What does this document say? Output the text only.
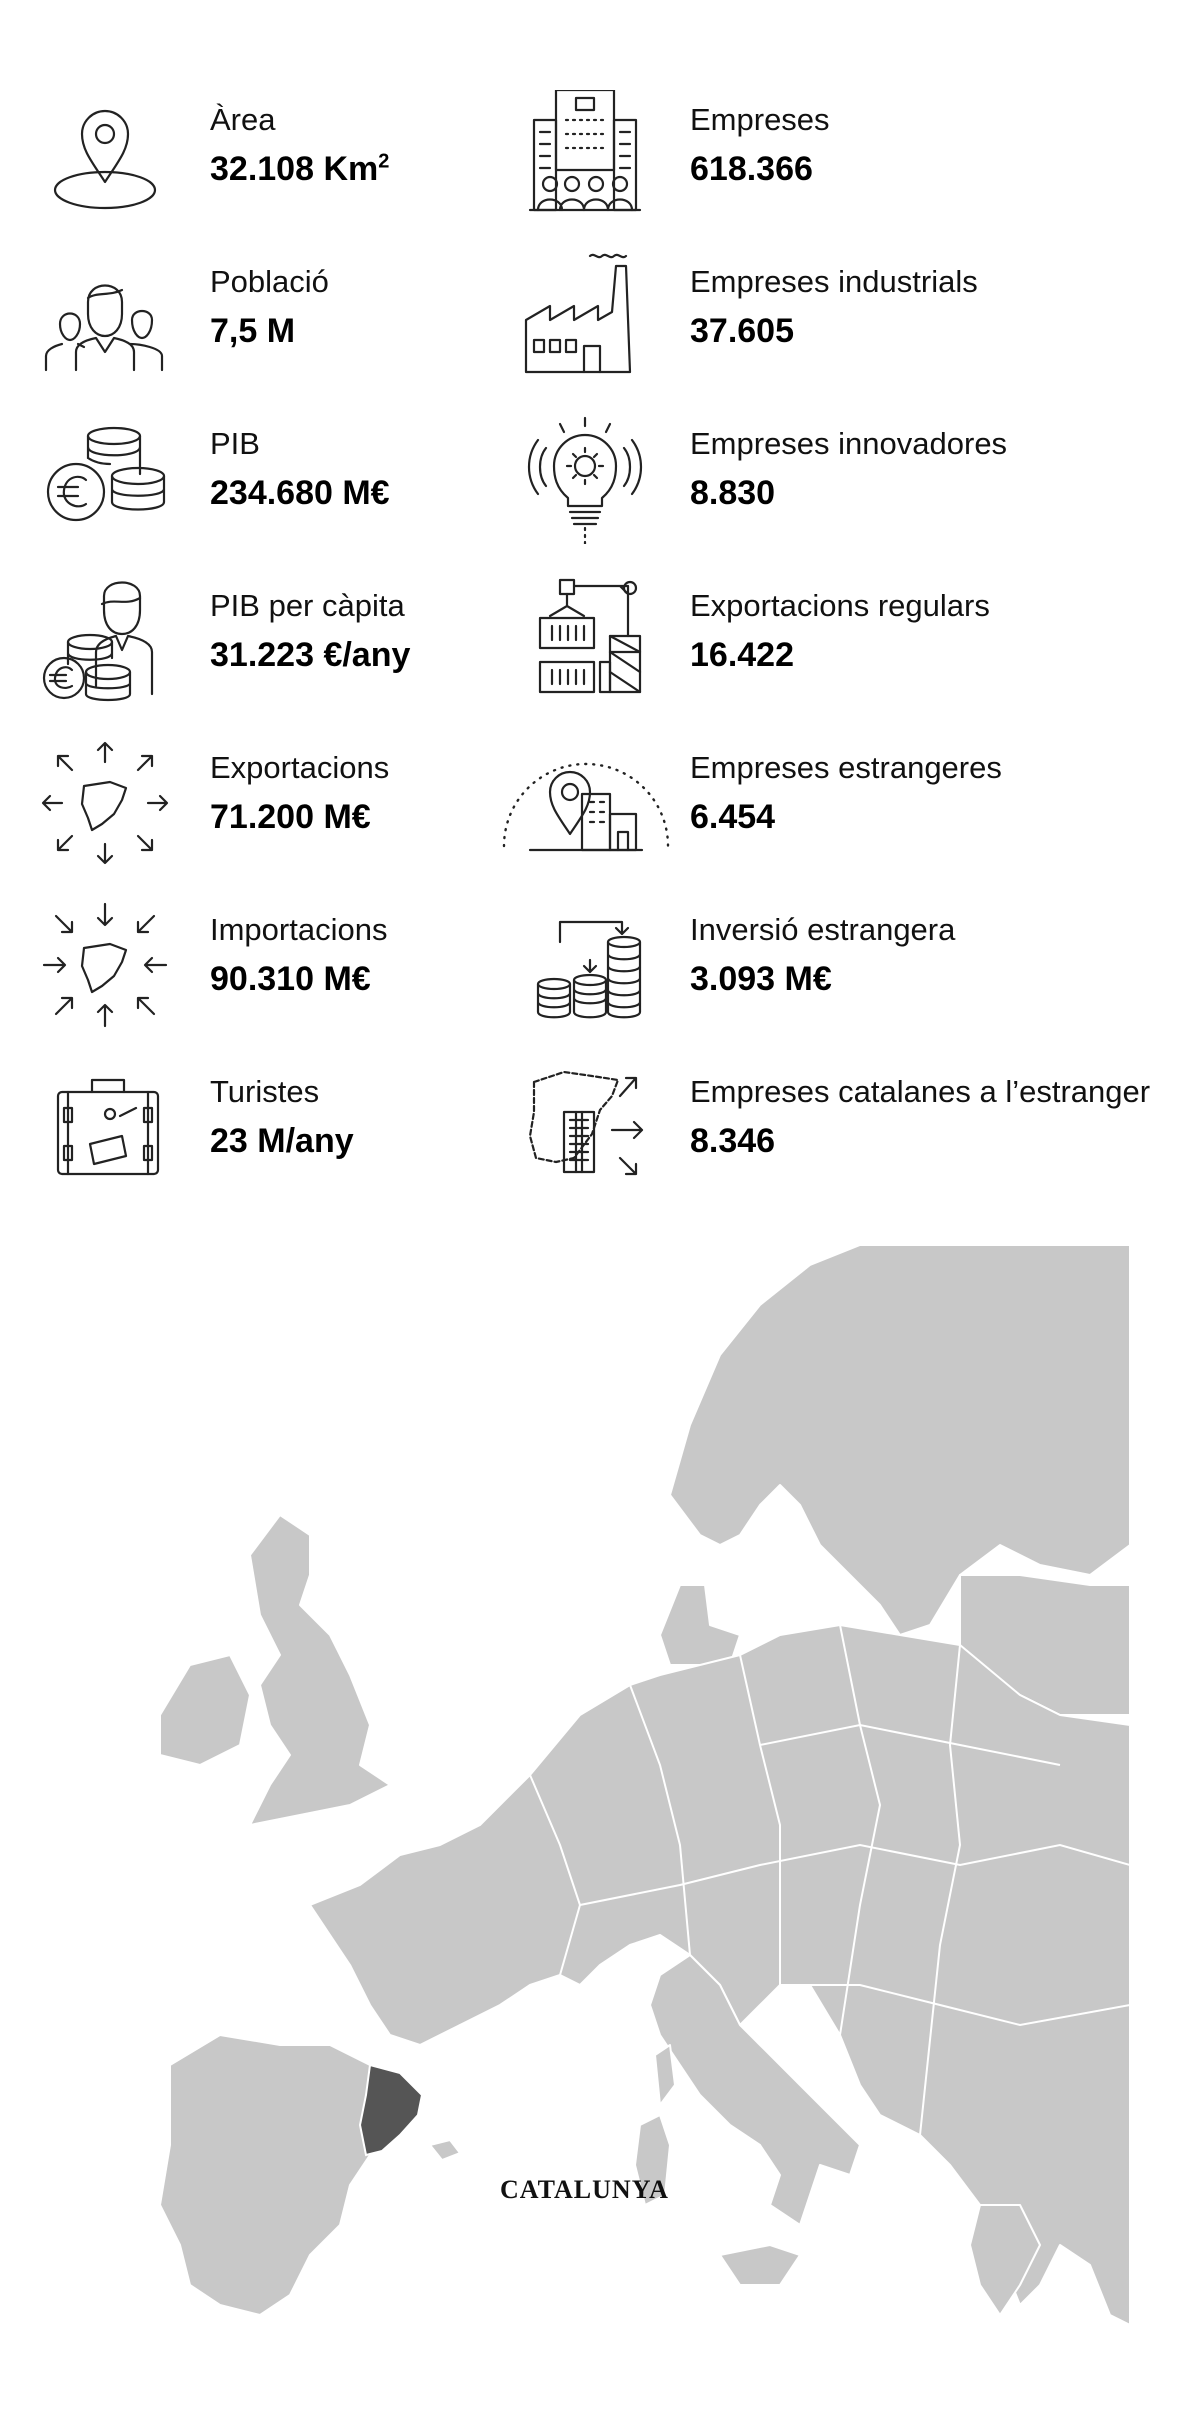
Àrea
32.108 Km$^2$
Població
7,5 M
PIB
234.680 M€
PIB per càpita
31.223 €/any
Exportacions
71.200 M€
Importacions
90.310 M€
Turistes
23 M/any
Empreses
618.366
Empreses industrials
37.605
Empreses innovadores
8.830
Exportacions regulars
16.422
Empreses estrangeres
6.454
Inversió estrangera
3.093 M€
Empreses catalanes a l’estranger
8.346
CATALUNYA
